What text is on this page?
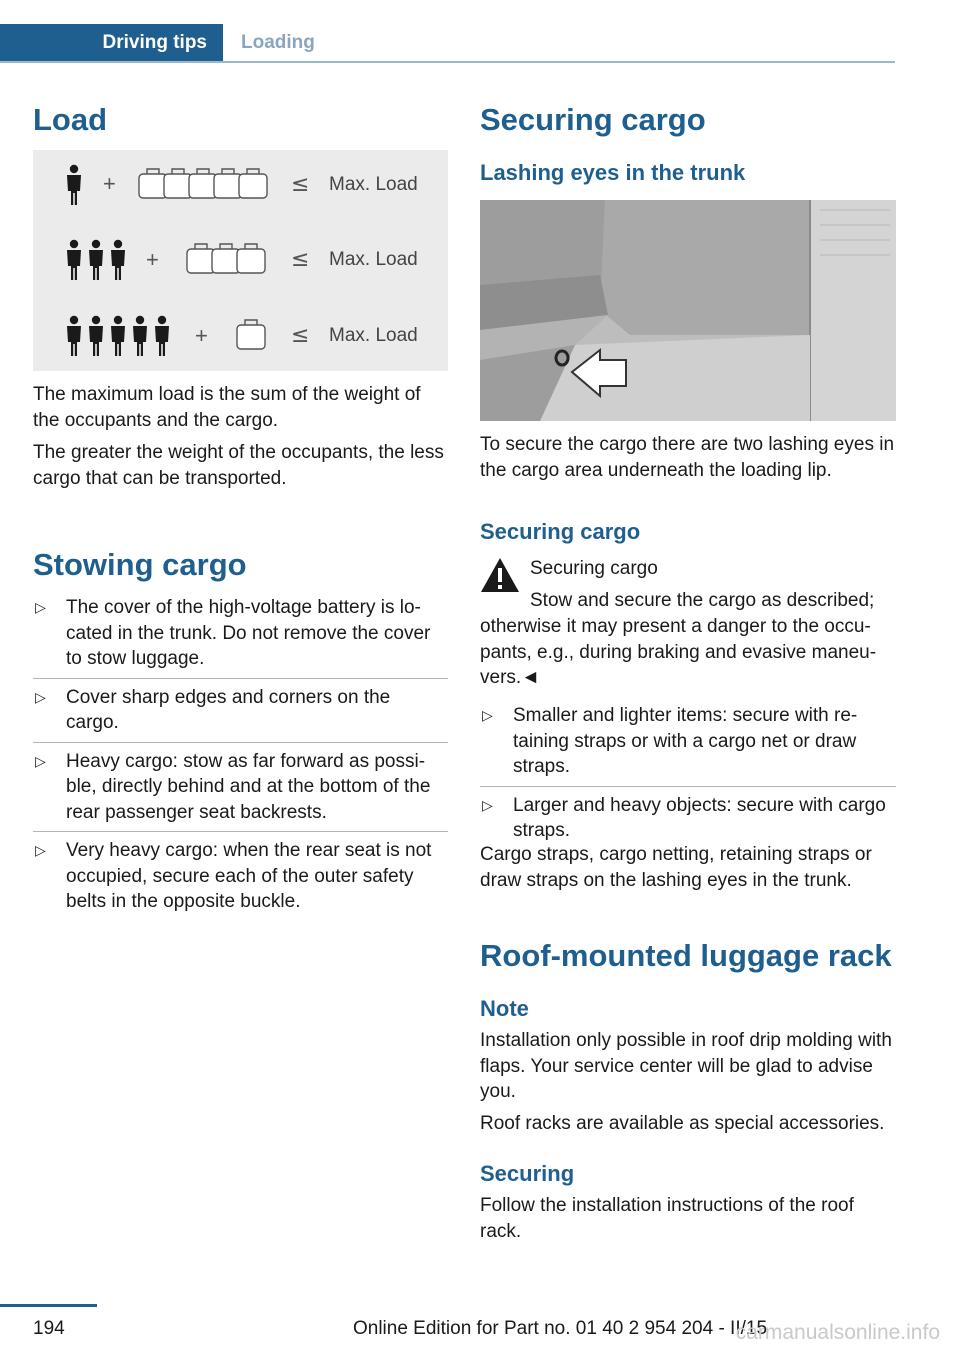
Driving tips	Loading
Load
+	≤ Max. Load
+	≤ Max. Load
+	≤ Max. Load

The maximum load is the sum of the weight of the occupants and the cargo.

The greater the weight of the occupants, the less cargo that can be transported.

Stowing cargo
▷ The cover of the high-voltage battery is lo-cated in the trunk. Do not remove the cover to stow luggage.
▷ Cover sharp edges and corners on the cargo.
▷ Heavy cargo: stow as far forward as possi-ble, directly behind and at the bottom of the rear passenger seat backrests.
▷ Very heavy cargo: when the rear seat is not occupied, secure each of the outer safety belts in the opposite buckle.
Securing cargo
Lashing eyes in the trunk

To secure the cargo there are two lashing eyes in the cargo area underneath the loading lip.

Securing cargo
Securing cargo
Stow and secure the cargo as described;

otherwise it may present a danger to the occu-pants, e.g., during braking and evasive maneu-vers.◄

▷ Smaller and lighter items: secure with re-taining straps or with a cargo net or draw straps.
▷ Larger and heavy objects: secure with cargo straps.

Cargo straps, cargo netting, retaining straps or draw straps on the lashing eyes in the trunk.

Roof-mounted luggage rack
Note

Installation only possible in roof drip molding with flaps. Your service center will be glad to advise you.

Roof racks are available as special accessories.

Securing

Follow the installation instructions of the roof rack.

194	Online Edition for Part no. 01 40 2 954 204 - II/15
carmanualsonline.info
